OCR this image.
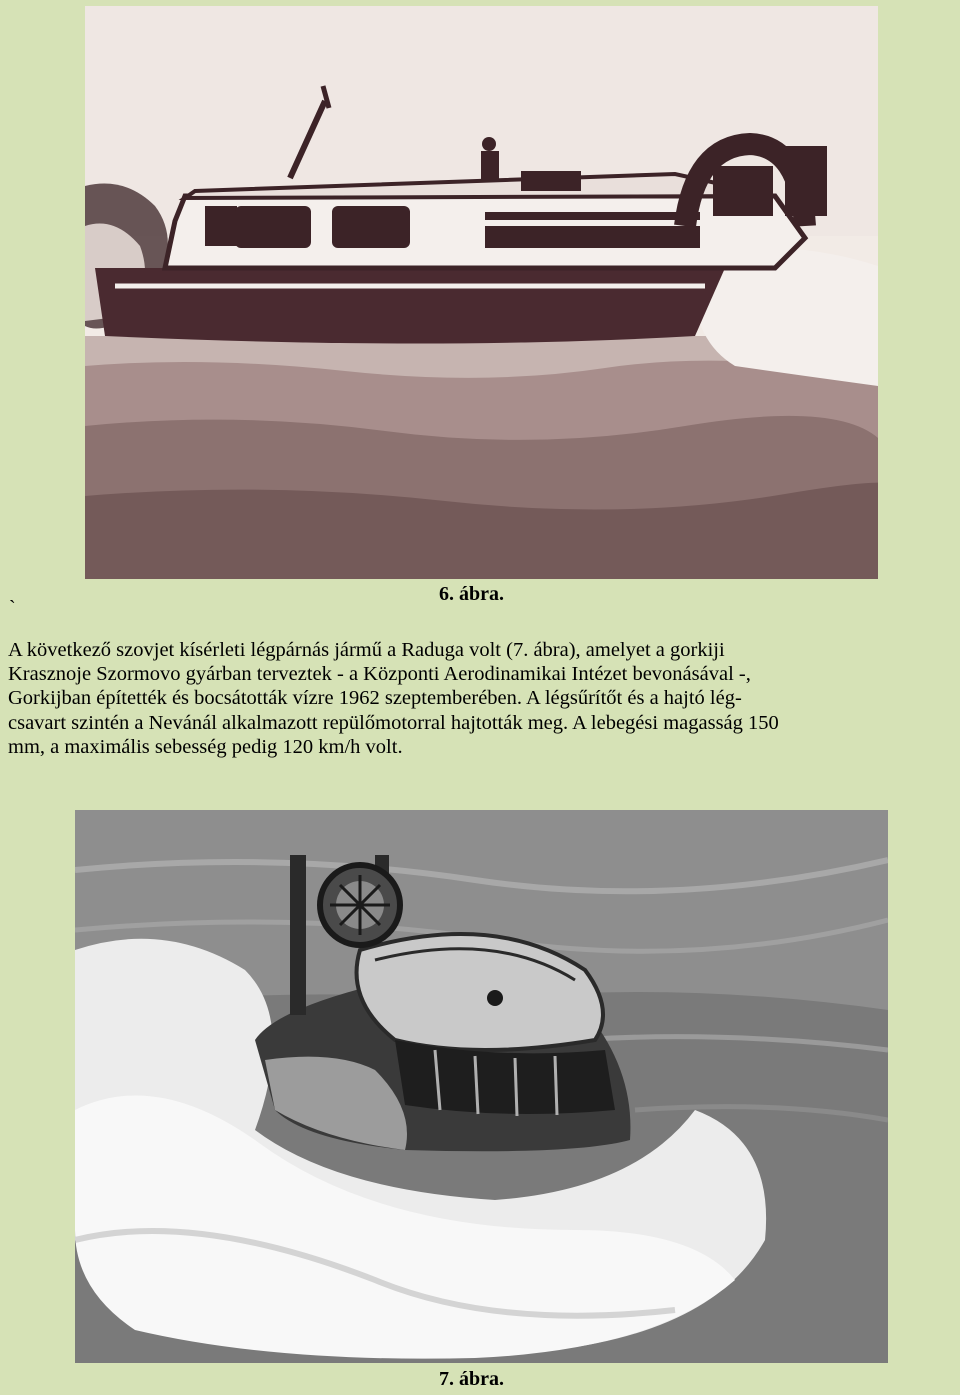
6. ábra.
`

A következő szovjet kísérleti légpárnás jármű a Raduga volt (7. ábra), amelyet a gorkiji
Krasznoje Szormovo gyárban terveztek - a Központi Aerodinamikai Intézet bevonásával -,
Gorkijban építették és bocsátották vízre 1962 szeptemberében. A légsűrítőt és a hajtó lég-
csavart szintén a Nevánál alkalmazott repülőmotorral hajtották meg. A lebegési magasság 150
mm, a maximális sebesség pedig 120 km/h volt.

7. ábra.
